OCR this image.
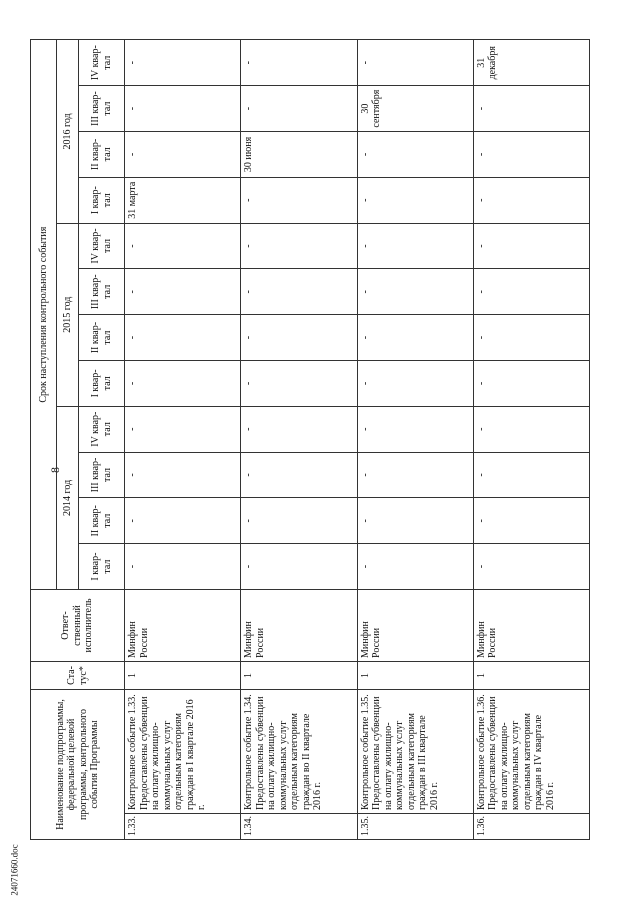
8
Наименование подпрограммы, федеральной целевой программы, контрольного события Программы		Ста-тус*	Ответ-ственный исполнитель	Срок наступления контрольного события											
				2014 год				2015 год				2016 год			
				I квар-тал	II квар-тал	III квар-тал	IV квар-тал	I квар-тал	II квар-тал	III квар-тал	IV квар-тал	I квар-тал	II квар-тал	III квар-тал	IV квар-тал
1.33.	Контрольное событие 1.33. Предоставлены субвенции на оплату жилищно-коммунальных услуг отдельным категориям граждан в I квартале 2016 г.	1	Минфин России	-	-	-	-	-	-	-	-	31 марта	-	-	-
1.34.	Контрольное событие 1.34. Предоставлены субвенции на оплату жилищно-коммунальных услуг отдельным категориям граждан во II квартале 2016 г.	1	Минфин России	-	-	-	-	-	-	-	-	-	30 июня	-	-
1.35.	Контрольное событие 1.35. Предоставлены субвенции на оплату жилищно-коммунальных услуг отдельным категориям граждан в III квартале 2016 г.	1	Минфин России	-	-	-	-	-	-	-	-	-	-	30 сентября	-
1.36.	Контрольное событие 1.36. Предоставлены субвенции на оплату жилищно-коммунальных услуг отдельным категориям граждан в IV квартале 2016 г.	1	Минфин России	-	-	-	-	-	-	-	-	-	-	-	31 декабря
24071660.doc
